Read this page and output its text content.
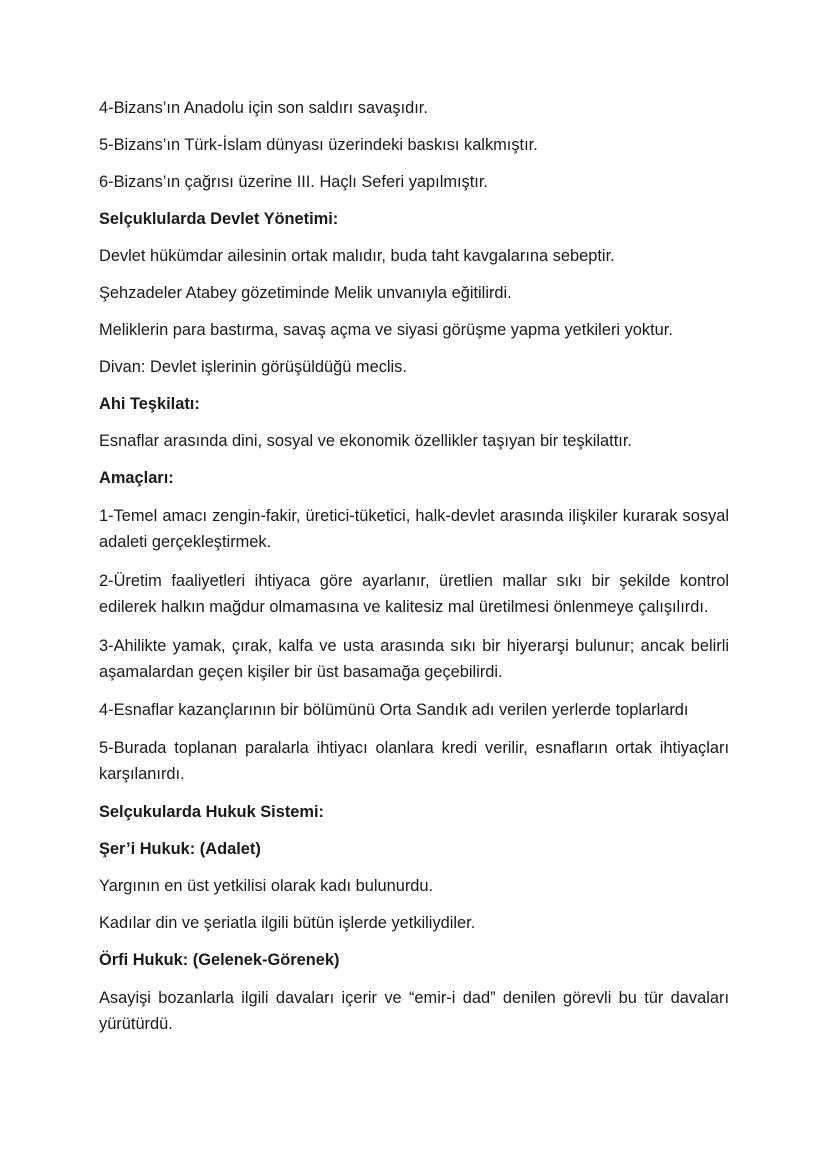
4-Bizans’ın Anadolu için son saldırı savaşıdır.

5-Bizans’ın Türk-İslam dünyası üzerindeki baskısı kalkmıştır.

6-Bizans’ın çağrısı üzerine III. Haçlı Seferi yapılmıştır.

Selçuklularda Devlet Yönetimi:

Devlet hükümdar ailesinin ortak malıdır, buda taht kavgalarına sebeptir.

Şehzadeler Atabey gözetiminde Melik unvanıyla eğitilirdi.

Meliklerin para bastırma, savaş açma ve siyasi görüşme yapma yetkileri yoktur.

Divan: Devlet işlerinin görüşüldüğü meclis.

Ahi Teşkilatı:

Esnaflar arasında dini, sosyal ve ekonomik özellikler taşıyan bir teşkilattır.

Amaçları:

1-Temel amacı zengin-fakir, üretici-tüketici, halk-devlet arasında ilişkiler kurarak sosyal adaleti gerçekleştirmek.

2-Üretim faaliyetleri ihtiyaca göre ayarlanır, üretlien mallar sıkı bir şekilde kontrol edilerek halkın mağdur olmamasına ve kalitesiz mal üretilmesi önlenmeye çalışılırdı.

3-Ahilikte yamak, çırak, kalfa ve usta arasında sıkı bir hiyerarşi bulunur; ancak belirli aşamalardan geçen kişiler bir üst basamağa geçebilirdi.

4-Esnaflar kazançlarının bir bölümünü Orta Sandık adı verilen yerlerde toplarlardı

5-Burada toplanan paralarla ihtiyacı olanlara kredi verilir, esnafların ortak ihtiyaçları karşılanırdı.

Selçukularda Hukuk Sistemi:

Şer’i Hukuk: (Adalet)

Yargının en üst yetkilisi olarak kadı bulunurdu.

Kadılar din ve şeriatla ilgili bütün işlerde yetkiliydiler.

Örfi Hukuk: (Gelenek-Görenek)

Asayişi bozanlarla ilgili davaları içerir ve “emir-i dad” denilen görevli bu tür davaları yürütürdü.
